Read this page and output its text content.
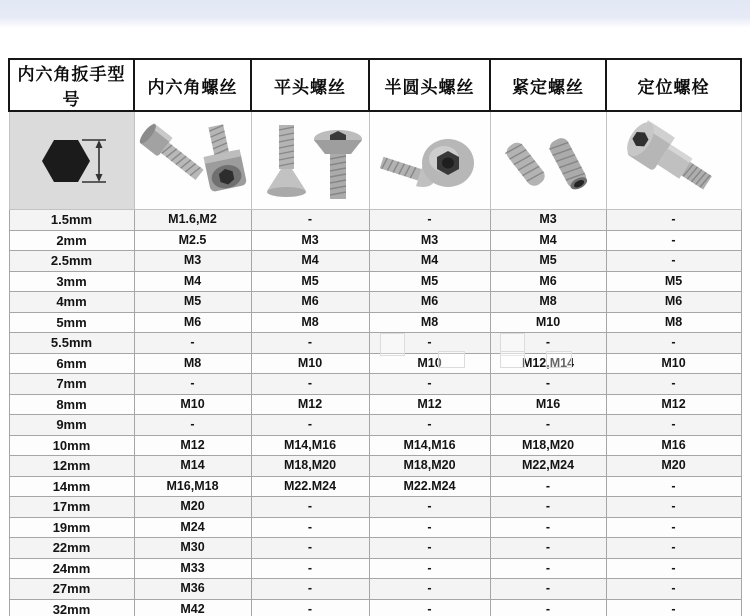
内六角扳手型号	内六角螺丝	平头螺丝	半圆头螺丝	紧定螺丝	定位螺栓

1.5mm	M1.6,M2	-	-	M3	-
2mm	M2.5	M3	M3	M4	-
2.5mm	M3	M4	M4	M5	-
3mm	M4	M5	M5	M6	M5
4mm	M5	M6	M6	M8	M6
5mm	M6	M8	M8	M10	M8
5.5mm	-	-	-	-	-
6mm	M8	M10	M10	M12,M14	M10
7mm	-	-	-	-	-
8mm	M10	M12	M12	M16	M12
9mm	-	-	-	-	-
10mm	M12	M14,M16	M14,M16	M18,M20	M16
12mm	M14	M18,M20	M18,M20	M22,M24	M20
14mm	M16,M18	M22.M24	M22.M24	-	-
17mm	M20	-	-	-	-
19mm	M24	-	-	-	-
22mm	M30	-	-	-	-
24mm	M33	-	-	-	-
27mm	M36	-	-	-	-
32mm	M42	-	-	-	-
